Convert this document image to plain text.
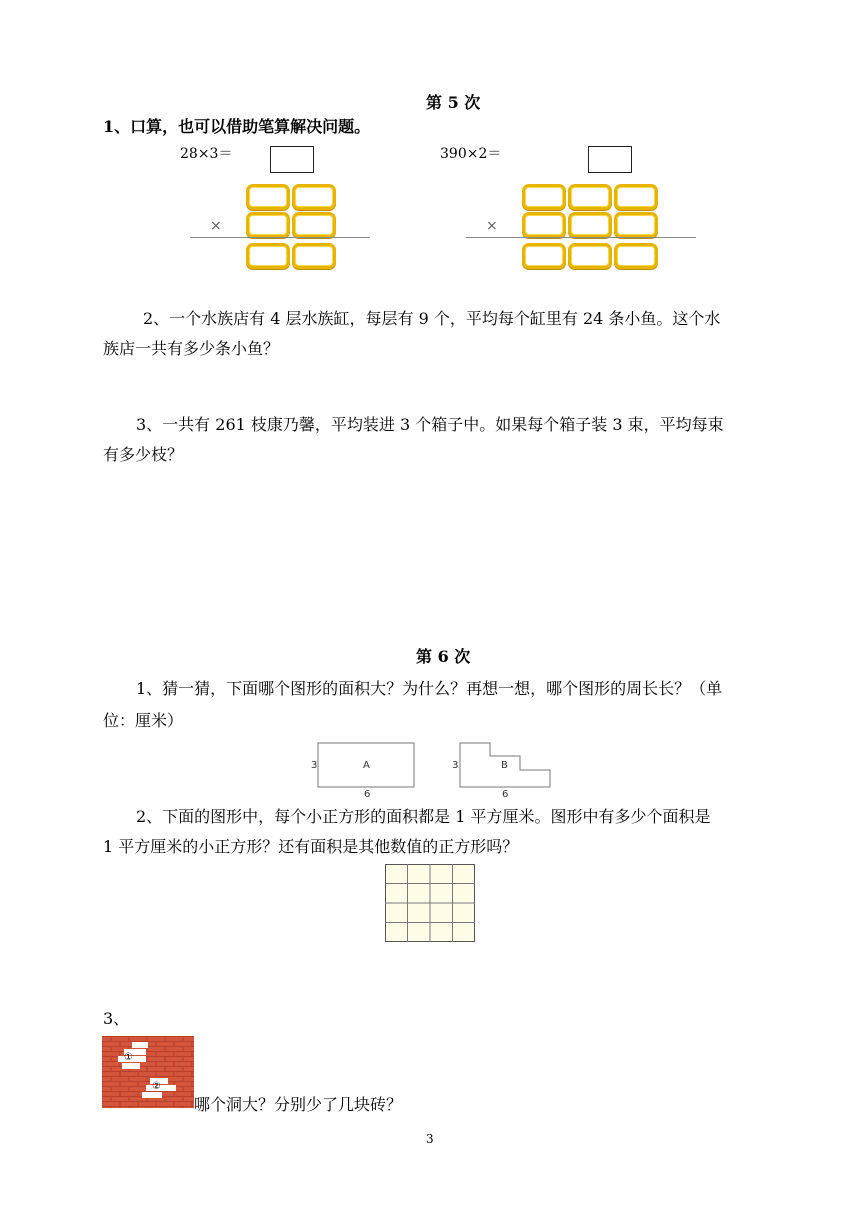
第 5 次
1、口算，也可以借助笔算解决问题。
28×3＝
×
390×2＝
×
2、一个水族店有 4 层水族缸，每层有 9 个，平均每个缸里有 24 条小鱼。这个水
族店一共有多少条小鱼？
3、一共有 261 枝康乃馨，平均装进 3 个箱子中。如果每个箱子装 3 束，平均每束
有多少枝？
第 6 次
1、猜一猜，下面哪个图形的面积大？为什么？再想一想，哪个图形的周长长？（单
位：厘米）
A
3
6
B
3
6
2、下面的图形中，每个小正方形的面积都是 1 平方厘米。图形中有多少个面积是
1 平方厘米的小正方形？还有面积是其他数值的正方形吗？
3、
①
②
哪个洞大？分别少了几块砖？
3
